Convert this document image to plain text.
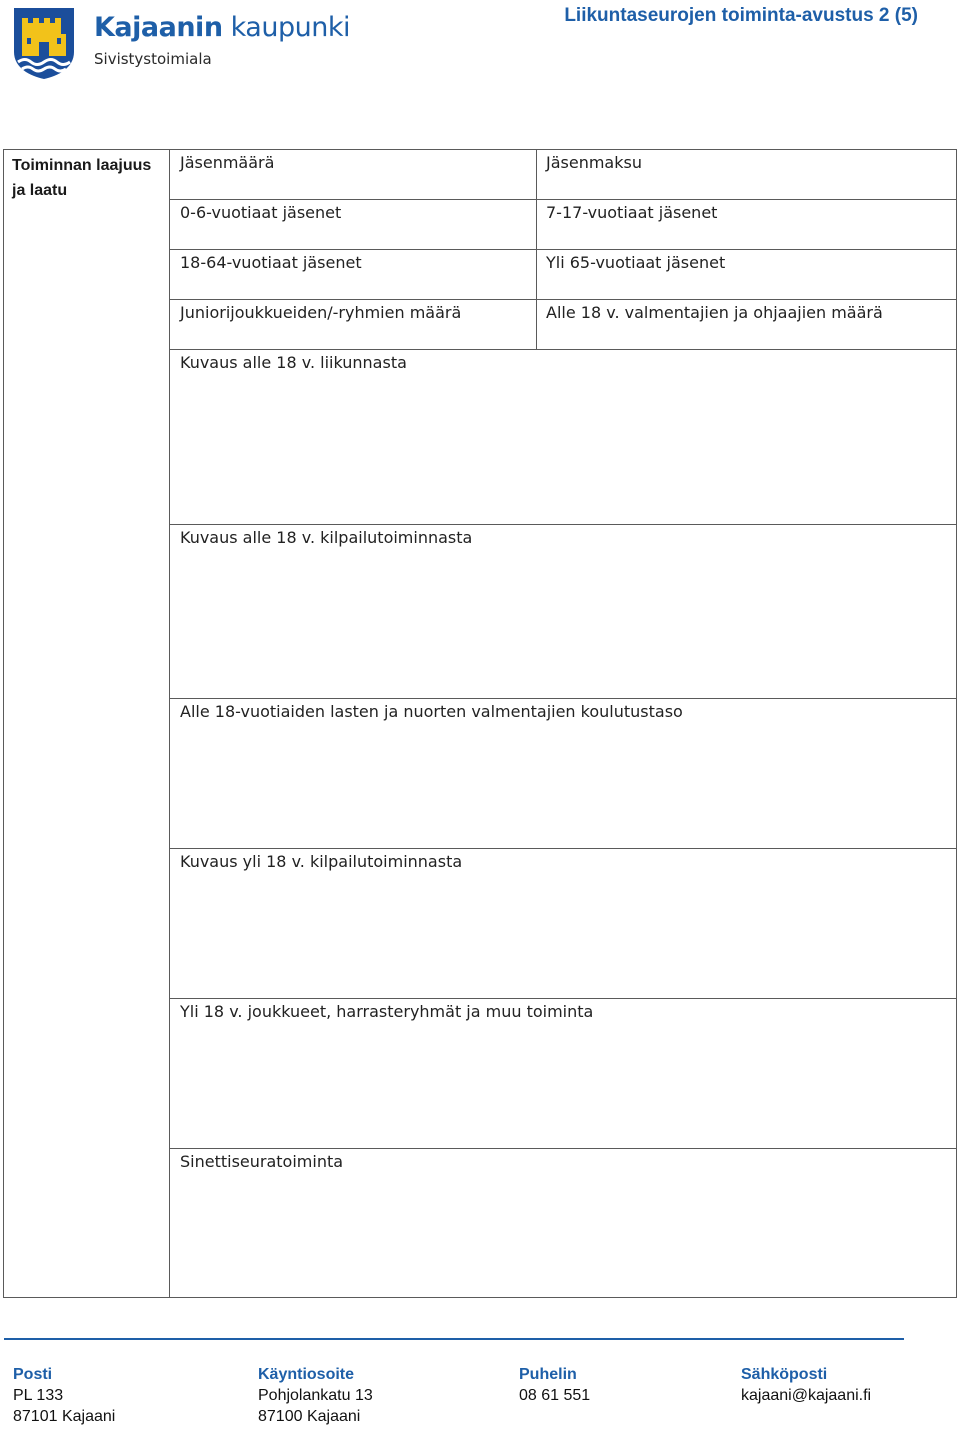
Kajaanin kaupunki
Sivistystoimiala
Liikuntaseurojen toiminta-avustus 2 (5)
Toiminnan laajuus ja laatu
Jäsenmäärä	Jäsenmaksu
0-6-vuotiaat jäsenet	7-17-vuotiaat jäsenet
18-64-vuotiaat jäsenet	Yli 65-vuotiaat jäsenet
Juniorijoukkueiden/-ryhmien määrä	Alle 18 v. valmentajien ja ohjaajien määrä
Kuvaus alle 18 v. liikunnasta
Kuvaus alle 18 v. kilpailutoiminnasta
Alle 18-vuotiaiden lasten ja nuorten valmentajien koulutustaso
Kuvaus yli 18 v. kilpailutoiminnasta
Yli 18 v. joukkueet, harrasteryhmät ja muu toiminta
Sinettiseuratoiminta
Posti
PL 133
87101 Kajaani
Käyntiosoite
Pohjolankatu 13
87100 Kajaani
Puhelin
08 61 551
Sähköposti
kajaani@kajaani.fi
